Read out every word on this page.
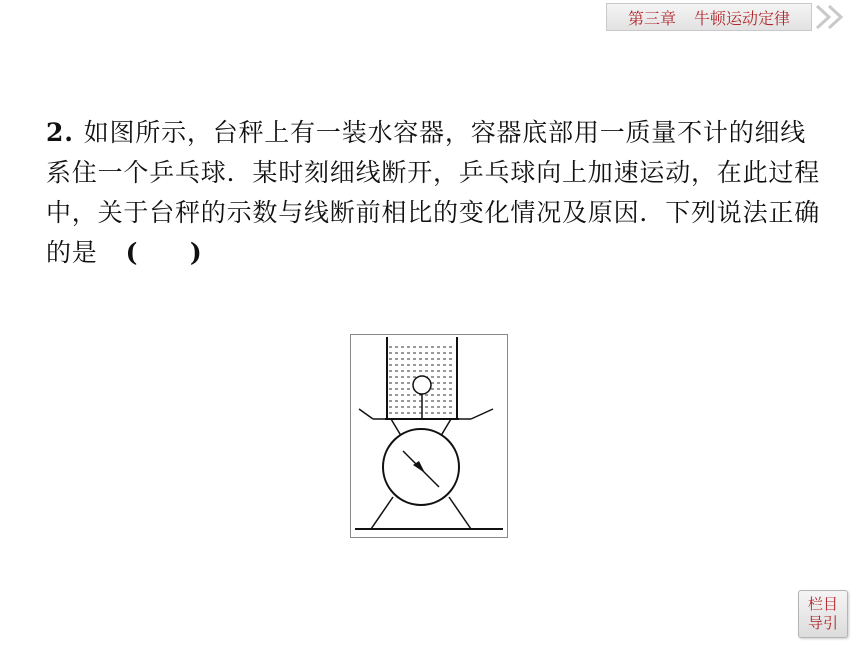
第三章 牛顿运动定律
2. 如图所示，台秤上有一装水容器，容器底部用一质量不计的细线系住一个乒乓球．某时刻细线断开，乒乓球向上加速运动，在此过程中，关于台秤的示数与线断前相比的变化情况及原因．下列说法正确的是 (　　)
栏目
导引
